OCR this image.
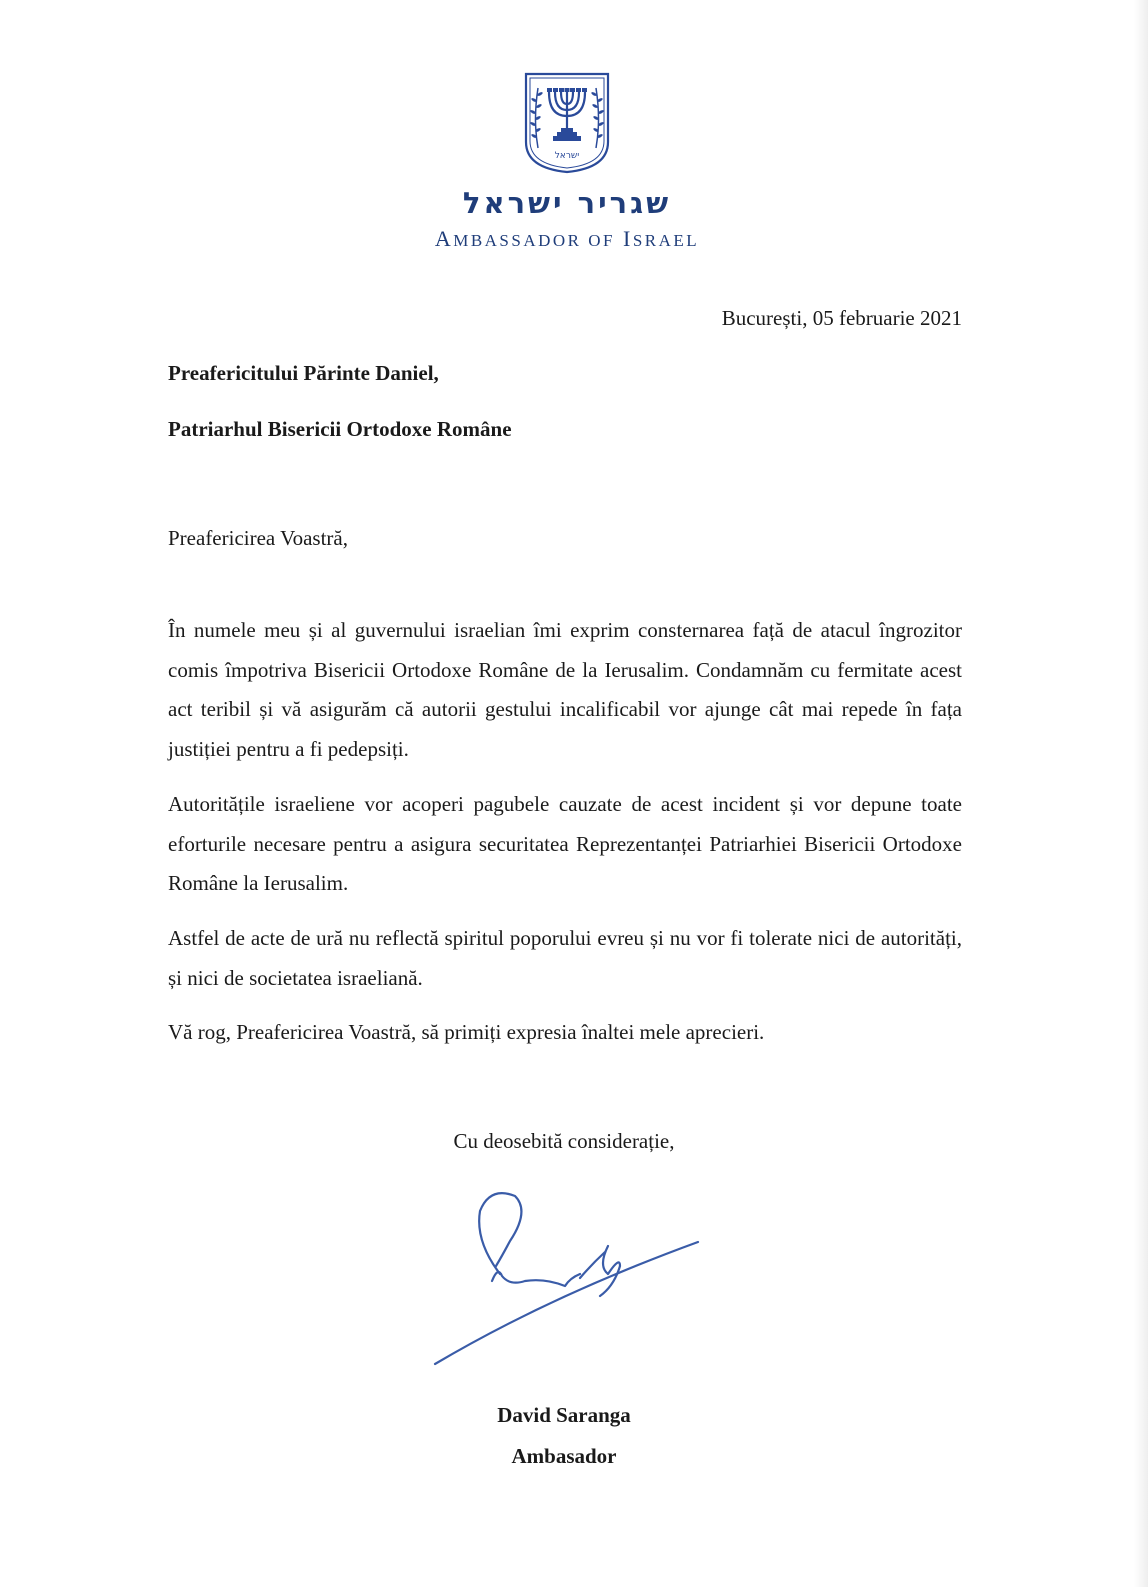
ישראל
שגריר ישראל
AMBASSADOR OF ISRAEL
București, 05 februarie 2021
Preafericitului Părinte Daniel,
Patriarhul Bisericii Ortodoxe Române
Preafericirea Voastră,
În numele meu și al guvernului israelian îmi exprim consternarea față de atacul îngrozitor comis împotriva Bisericii Ortodoxe Române de la Ierusalim. Condamnăm cu fermitate acest act teribil și vă asigurăm că autorii gestului incalificabil vor ajunge cât mai repede în fața justiției pentru a fi pedepsiți.
Autoritățile israeliene vor acoperi pagubele cauzate de acest incident și vor depune toate eforturile necesare pentru a asigura securitatea Reprezentanței Patriarhiei Bisericii Ortodoxe Române la Ierusalim.
Astfel de acte de ură nu reflectă spiritul poporului evreu și nu vor fi tolerate nici de autorități, și nici de societatea israeliană.
Vă rog, Preafericirea Voastră, să primiți expresia înaltei mele aprecieri.
Cu deosebită considerație,
David Saranga
Ambasador
